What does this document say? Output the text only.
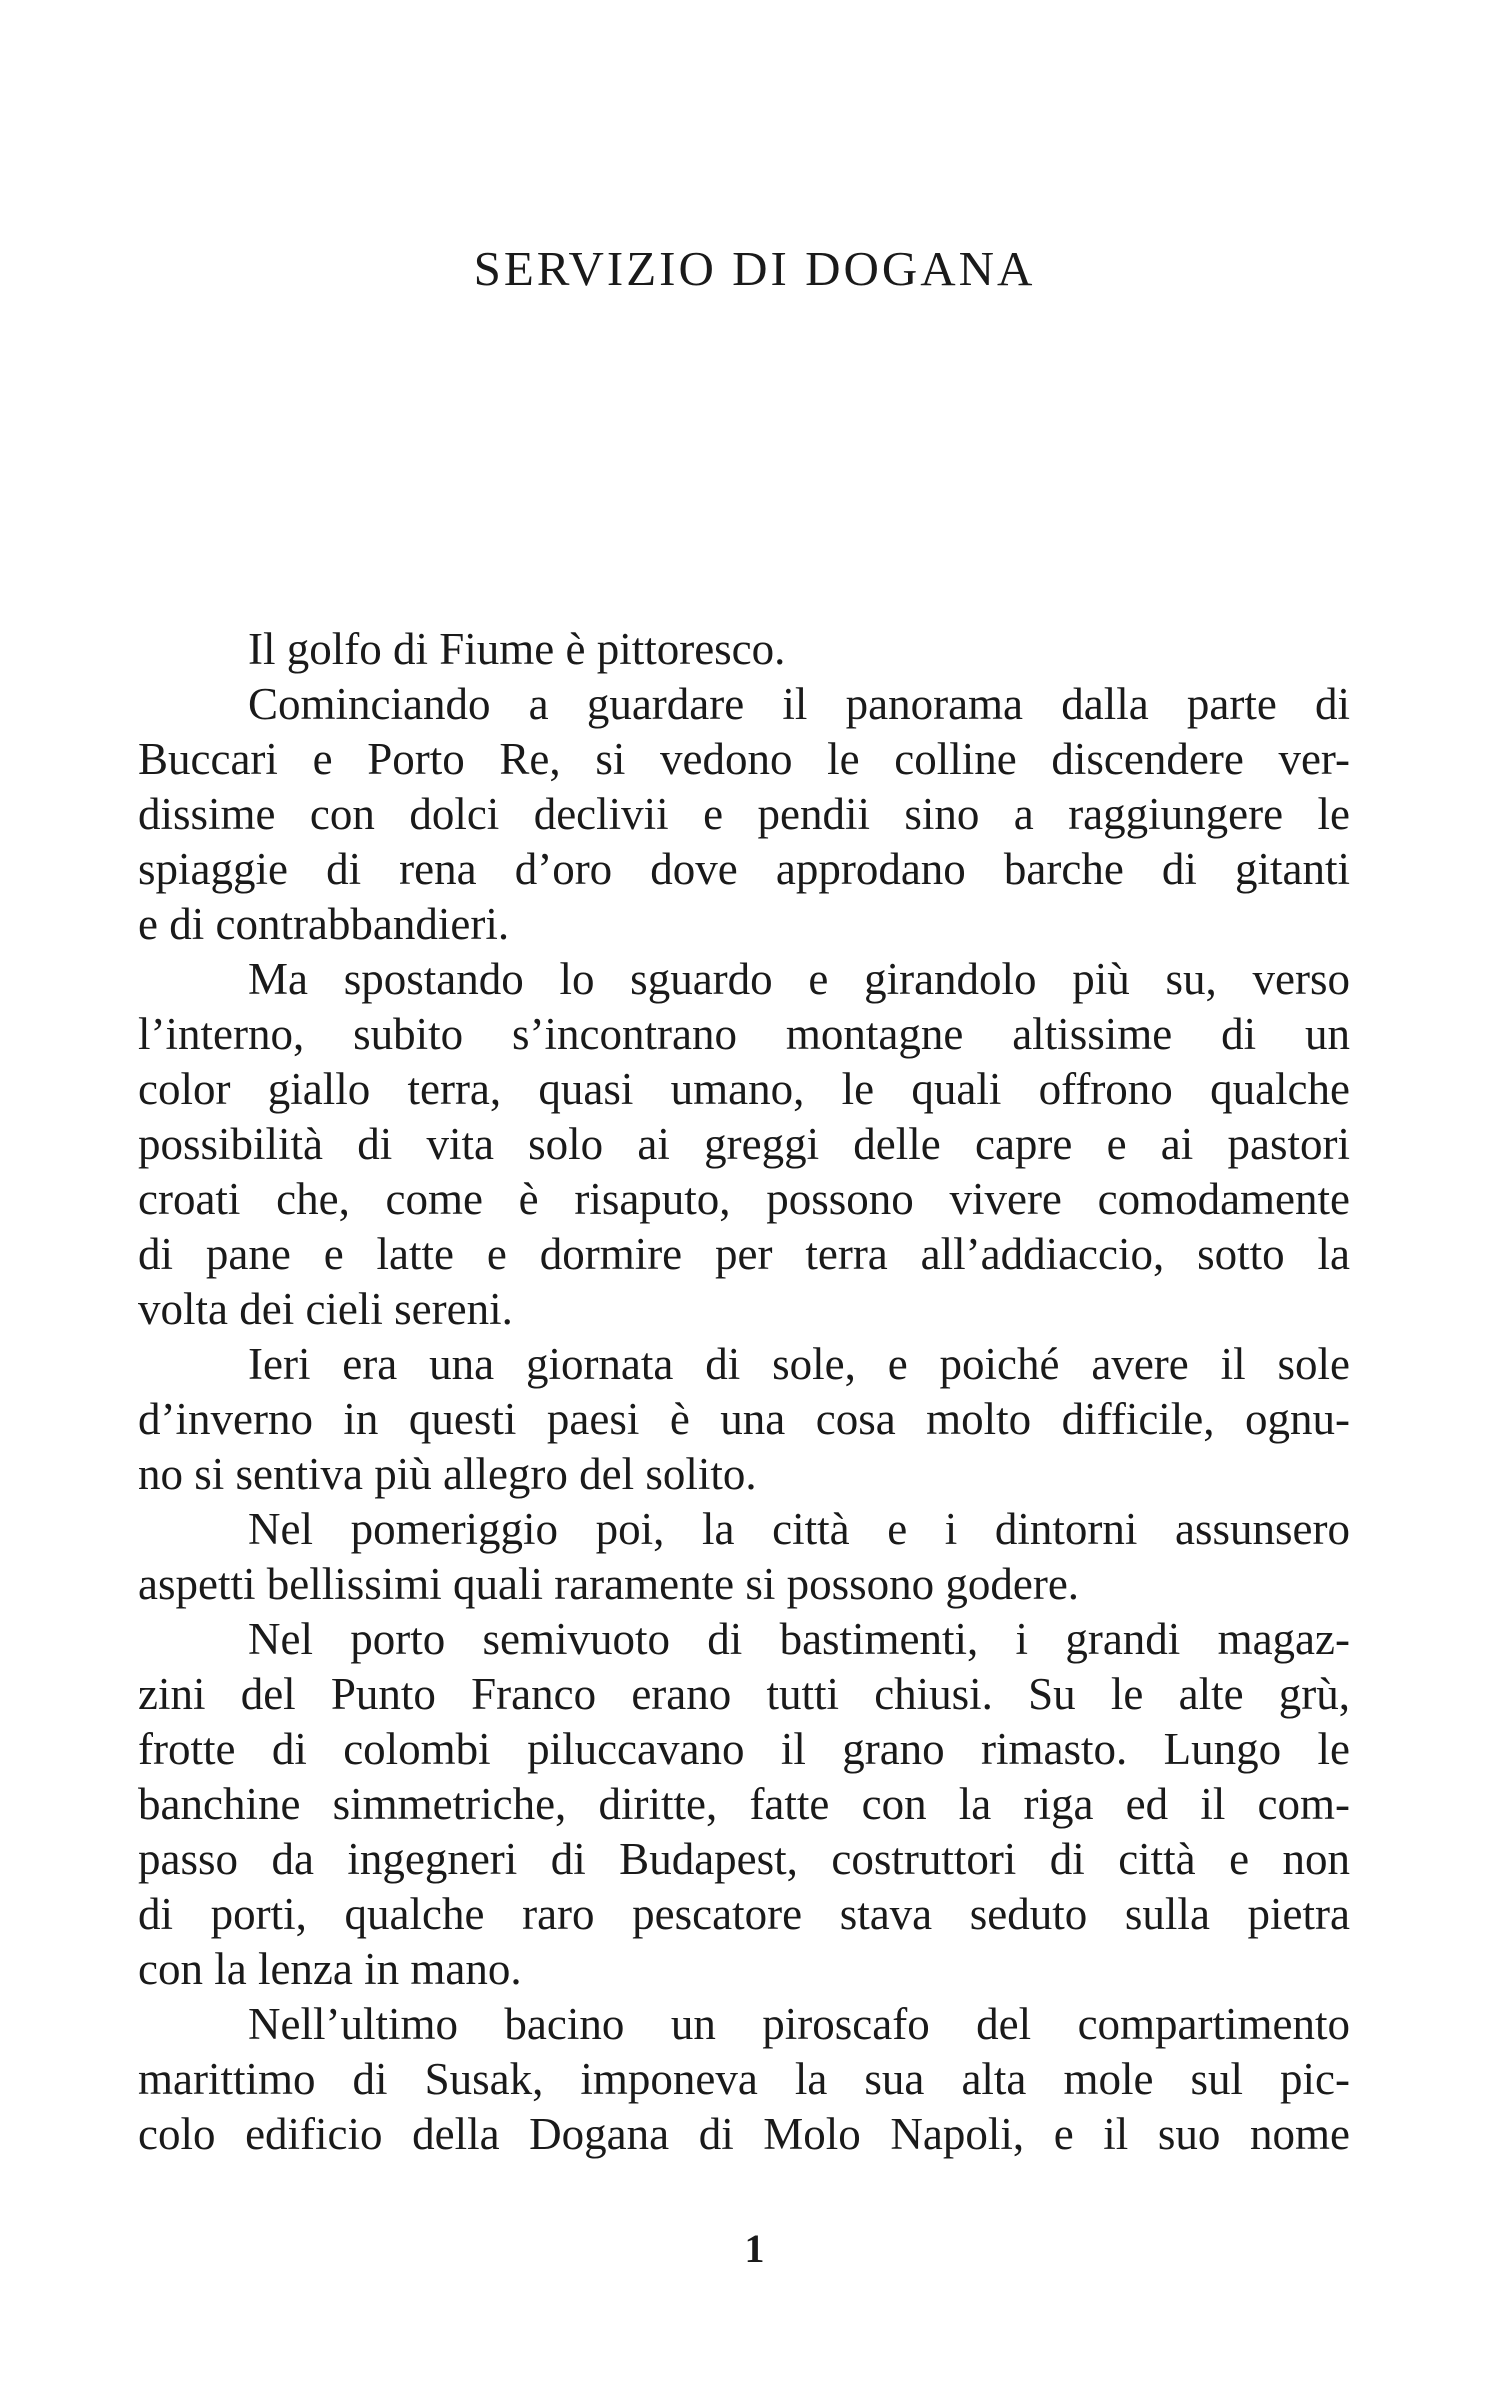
SERVIZIO DI DOGANA
Il golfo di Fiume è pittoresco.
Cominciando a guardare il panorama dalla parte di
Buccari e Porto Re, si vedono le colline discendere ver-
dissime con dolci declivii e pendii sino a raggiungere le
spiaggie di rena d’oro dove approdano barche di gitanti
e di contrabbandieri.
Ma spostando lo sguardo e girandolo più su, verso
l’interno, subito s’incontrano montagne altissime di un
color giallo terra, quasi umano, le quali offrono qualche
possibilità di vita solo ai greggi delle capre e ai pastori
croati che, come è risaputo, possono vivere comodamente
di pane e latte e dormire per terra all’addiaccio, sotto la
volta dei cieli sereni.
Ieri era una giornata di sole, e poiché avere il sole
d’inverno in questi paesi è una cosa molto difficile, ognu-
no si sentiva più allegro del solito.
Nel pomeriggio poi, la città e i dintorni assunsero
aspetti bellissimi quali raramente si possono godere.
Nel porto semivuoto di bastimenti, i grandi magaz-
zini del Punto Franco erano tutti chiusi. Su le alte grù,
frotte di colombi piluccavano il grano rimasto. Lungo le
banchine simmetriche, diritte, fatte con la riga ed il com-
passo da ingegneri di Budapest, costruttori di città e non
di porti, qualche raro pescatore stava seduto sulla pietra
con la lenza in mano.
Nell’ultimo bacino un piroscafo del compartimento
marittimo di Susak, imponeva la sua alta mole sul pic-
colo edificio della Dogana di Molo Napoli, e il suo nome
1
